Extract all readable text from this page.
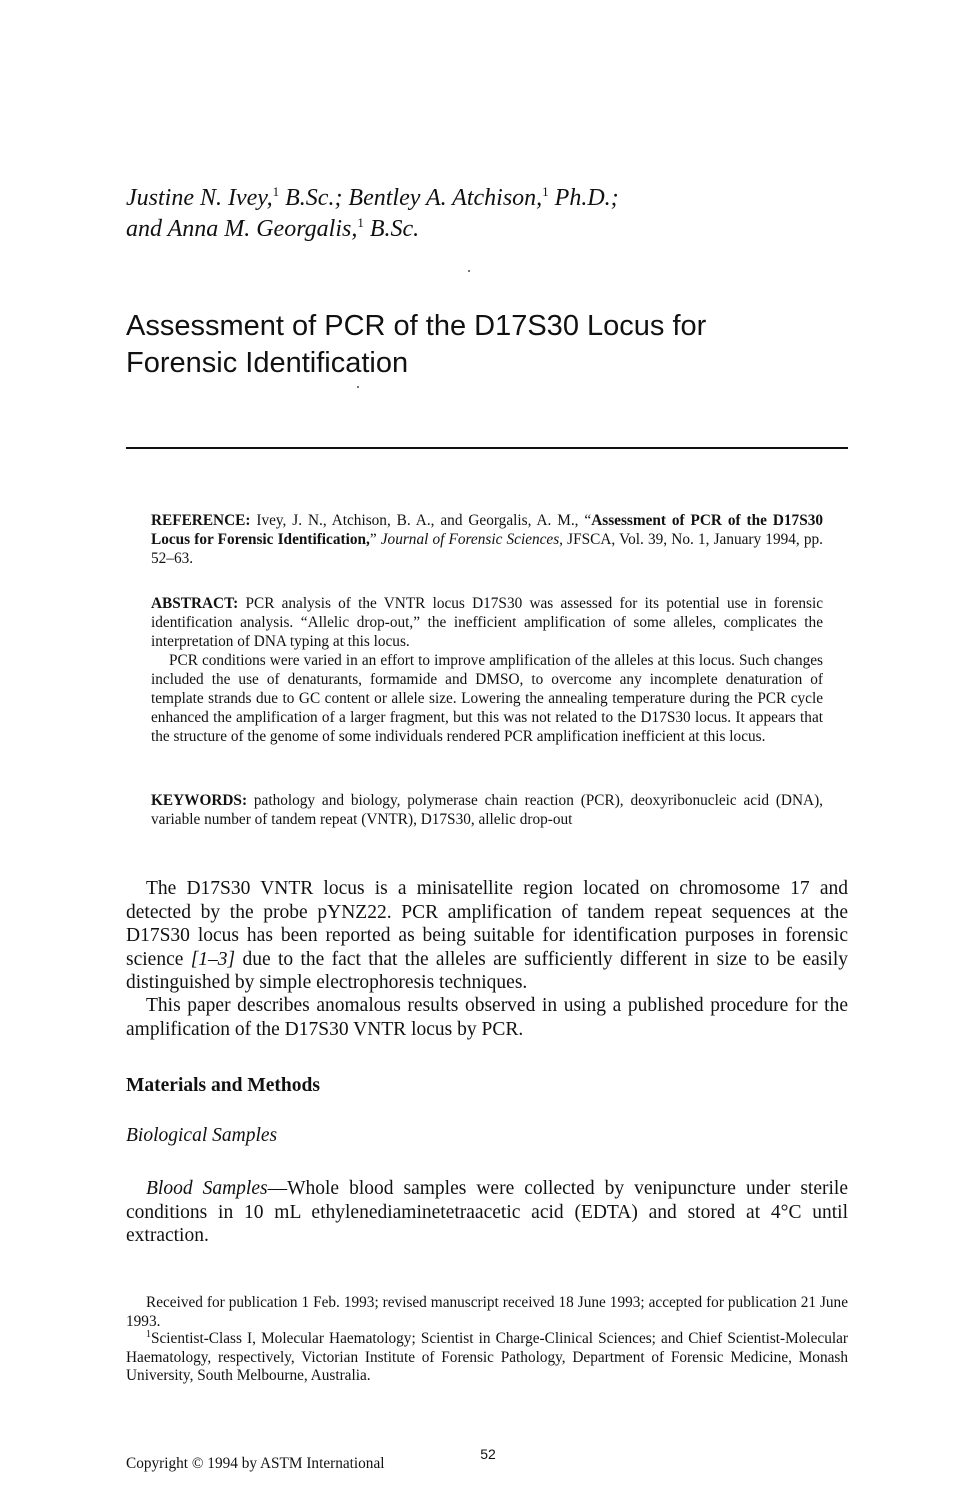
Justine N. Ivey,$^1$ B.Sc.; Bentley A. Atchison,$^1$ Ph.D.;
and Anna M. Georgalis,$^1$ B.Sc.
Assessment of PCR of the D17S30 Locus for
Forensic Identification
REFERENCE: Ivey, J. N., Atchison, B. A., and Georgalis, A. M., “Assessment of PCR of the D17S30 Locus for Forensic Identification,” Journal of Forensic Sciences, JFSCA, Vol. 39, No. 1, January 1994, pp. 52–63.
ABSTRACT: PCR analysis of the VNTR locus D17S30 was assessed for its potential use in forensic identification analysis. “Allelic drop-out,” the inefficient amplification of some alleles, complicates the interpretation of DNA typing at this locus.
PCR conditions were varied in an effort to improve amplification of the alleles at this locus. Such changes included the use of denaturants, formamide and DMSO, to overcome any incomplete denaturation of template strands due to GC content or allele size. Lowering the annealing temperature during the PCR cycle enhanced the amplification of a larger fragment, but this was not related to the D17S30 locus. It appears that the structure of the genome of some individuals rendered PCR amplification inefficient at this locus.
KEYWORDS: pathology and biology, polymerase chain reaction (PCR), deoxyribonucleic acid (DNA), variable number of tandem repeat (VNTR), D17S30, allelic drop-out
The D17S30 VNTR locus is a minisatellite region located on chromosome 17 and detected by the probe pYNZ22. PCR amplification of tandem repeat sequences at the D17S30 locus has been reported as being suitable for identification purposes in forensic science [1–3] due to the fact that the alleles are sufficiently different in size to be easily distinguished by simple electrophoresis techniques.
This paper describes anomalous results observed in using a published procedure for the amplification of the D17S30 VNTR locus by PCR.
Materials and Methods
Biological Samples
Blood Samples—Whole blood samples were collected by venipuncture under sterile conditions in 10 mL ethylenediaminetetraacetic acid (EDTA) and stored at 4°C until extraction.
Received for publication 1 Feb. 1993; revised manuscript received 18 June 1993; accepted for publication 21 June 1993.
$^1$Scientist-Class I, Molecular Haematology; Scientist in Charge-Clinical Sciences; and Chief Scientist-Molecular Haematology, respectively, Victorian Institute of Forensic Pathology, Department of Forensic Medicine, Monash University, South Melbourne, Australia.
52
Copyright © 1994 by ASTM International
